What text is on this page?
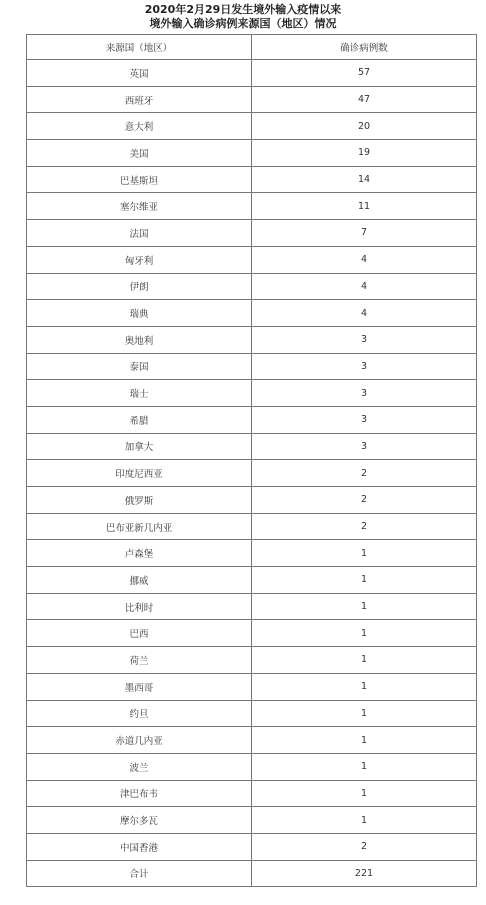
2020年2月29日发生境外输入疫情以来
境外输入确诊病例来源国（地区）情况
来源国（地区）	确诊病例数
英国	57
西班牙	47
意大利	20
美国	19
巴基斯坦	14
塞尔维亚	11
法国	7
匈牙利	4
伊朗	4
瑞典	4
奥地利	3
泰国	3
瑞士	3
希腊	3
加拿大	3
印度尼西亚	2
俄罗斯	2
巴布亚新几内亚	2
卢森堡	1
挪威	1
比利时	1
巴西	1
荷兰	1
墨西哥	1
约旦	1
赤道几内亚	1
波兰	1
津巴布韦	1
摩尔多瓦	1
中国香港	2
合计	221
